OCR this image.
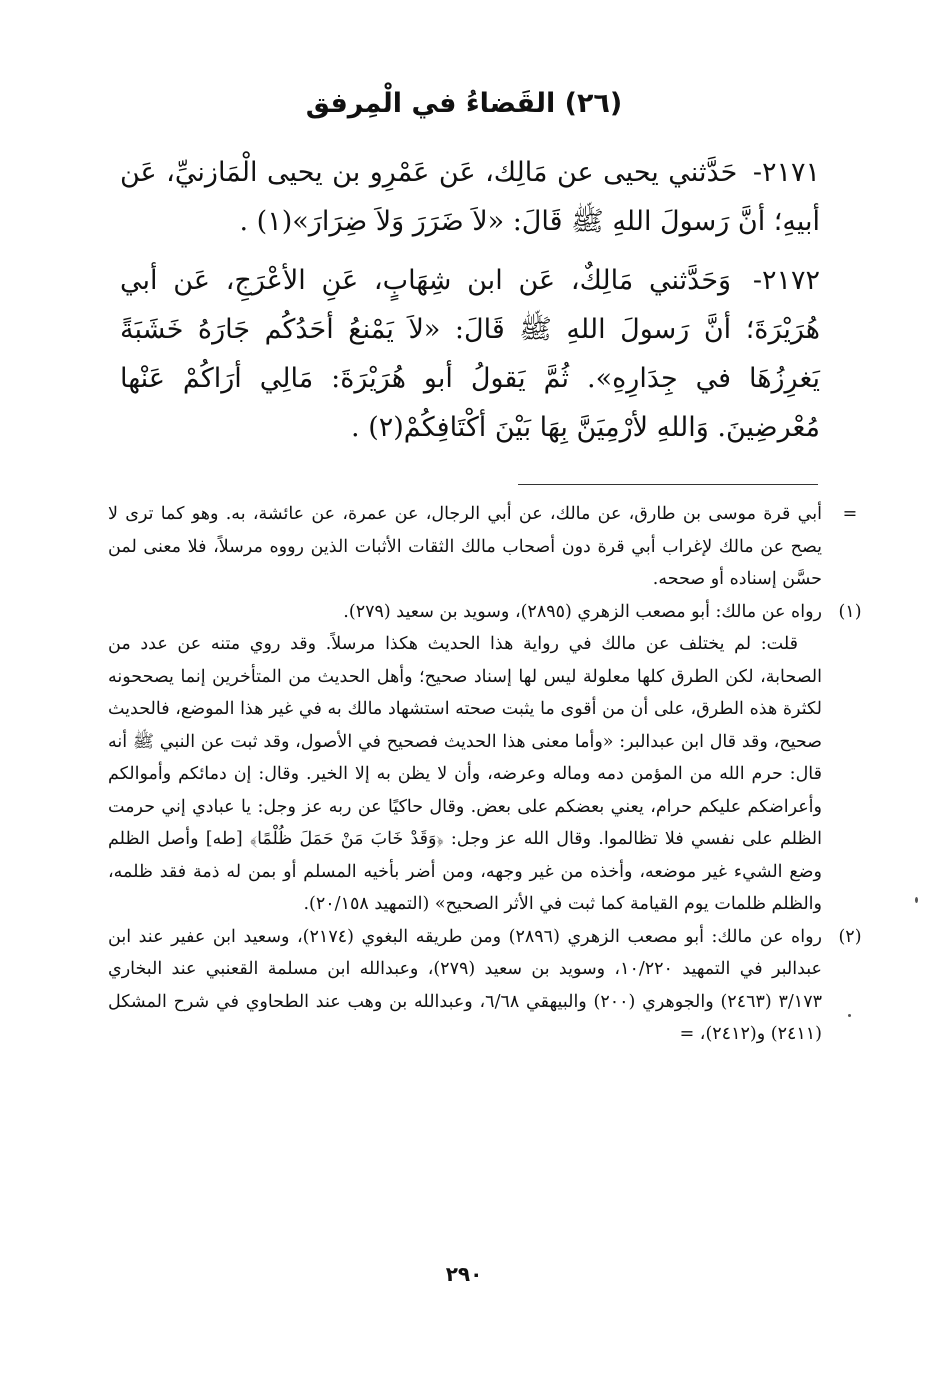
(٢٦) القَضاءُ في الْمِرفق

٢١٧١- حَدَّثني يحيى عن مَالِك، عَن عَمْرِو بن يحيى الْمَازنيِّ، عَن أبيهِ؛ أنَّ رَسولَ اللهِ ﷺ قَالَ: «لاَ ضَرَرَ وَلاَ ضِرَارَ»(١) .

٢١٧٢- وَحَدَّثني مَالِكٌ، عَن ابن شِهَابٍ، عَنِ الأعْرَجِ، عَن أبي هُرَيْرَةَ؛ أنَّ رَسولَ اللهِ ﷺ قَالَ: «لاَ يَمْنعُ أحَدُكُم جَارَهُ خَشَبَةً يَغرِزُهَا في جِدَارِهِ». ثُمَّ يَقولُ أبو هُرَيْرَةَ: مَالِي أرَاكُمْ عَنْها مُعْرضِينَ. وَاللهِ لأرْمِيَنَّ بِهَا بَيْنَ أكْتَافِكُمْ(٢) .

=
أبي قرة موسى بن طارق، عن مالك، عن أبي الرجال، عن عمرة، عن عائشة، به. وهو كما ترى لا يصح عن مالك لإغراب أبي قرة دون أصحاب مالك الثقات الأثبات الذين رووه مرسلاً، فلا معنى لمن حسَّن إسناده أو صححه.
(١)
رواه عن مالك: أبو مصعب الزهري (٢٨٩٥)، وسويد بن سعيد (٢٧٩).
قلت: لم يختلف عن مالك في رواية هذا الحديث هكذا مرسلاً. وقد روي متنه عن عدد من الصحابة، لكن الطرق كلها معلولة ليس لها إسناد صحيح؛ وأهل الحديث من المتأخرين إنما يصححونه لكثرة هذه الطرق، على أن من أقوى ما يثبت صحته استشهاد مالك به في غير هذا الموضع، فالحديث صحيح، وقد قال ابن عبدالبر: «وأما معنى هذا الحديث فصحيح في الأصول، وقد ثبت عن النبي ﷺ أنه قال: حرم الله من المؤمن دمه وماله وعرضه، وأن لا يظن به إلا الخير. وقال: إن دمائكم وأموالكم وأعراضكم عليكم حرام، يعني بعضكم على بعض. وقال حاكيًا عن ربه عز وجل: يا عبادي إني حرمت الظلم على نفسي فلا تظالموا. وقال الله عز وجل: ﴿وَقَدْ خَابَ مَنْ حَمَلَ ظُلْمًا﴾ [طه] وأصل الظلم وضع الشيء غير موضعه، وأخذه من غير وجهه، ومن أضر بأخيه المسلم أو بمن له ذمة فقد ظلمه، والظلم ظلمات يوم القيامة كما ثبت في الأثر الصحيح» (التمهيد ٢٠/١٥٨).
(٢)
رواه عن مالك: أبو مصعب الزهري (٢٨٩٦) ومن طريقه البغوي (٢١٧٤)، وسعيد ابن عفير عند ابن عبدالبر في التمهيد ١٠/٢٢٠، وسويد بن سعيد (٢٧٩)، وعبدالله ابن مسلمة القعنبي عند البخاري ٣/١٧٣ (٢٤٦٣) والجوهري (٢٠٠) والبيهقي ٦/٦٨، وعبدالله بن وهب عند الطحاوي في شرح المشكل (٢٤١١) و(٢٤١٢)، =

٢٩٠
